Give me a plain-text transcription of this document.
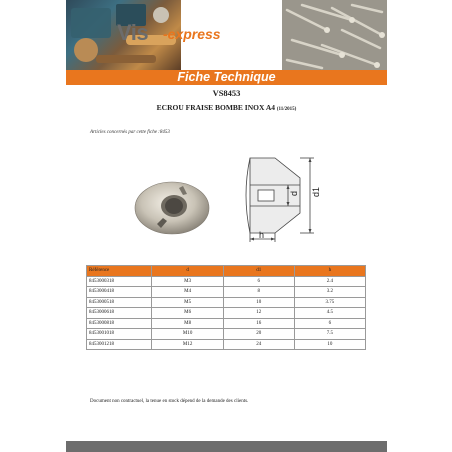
Vis -express
Fiche Technique
VS8453
ECROU FRAISE BOMBE INOX A4 (11/2015)
Articles concernés par cette fiche :8453
d d1
h
Référence	d	d1	h
8453000318	M3	6	2.4
8453000418	M4	8	3.2
8453000518	M5	10	3.75
8453000618	M6	12	4.5
8453000818	M8	16	6
8453001018	M10	20	7.5
8453001218	M12	24	10
Document non contractuel, la tenue en stock dépend de la demande des clients.
